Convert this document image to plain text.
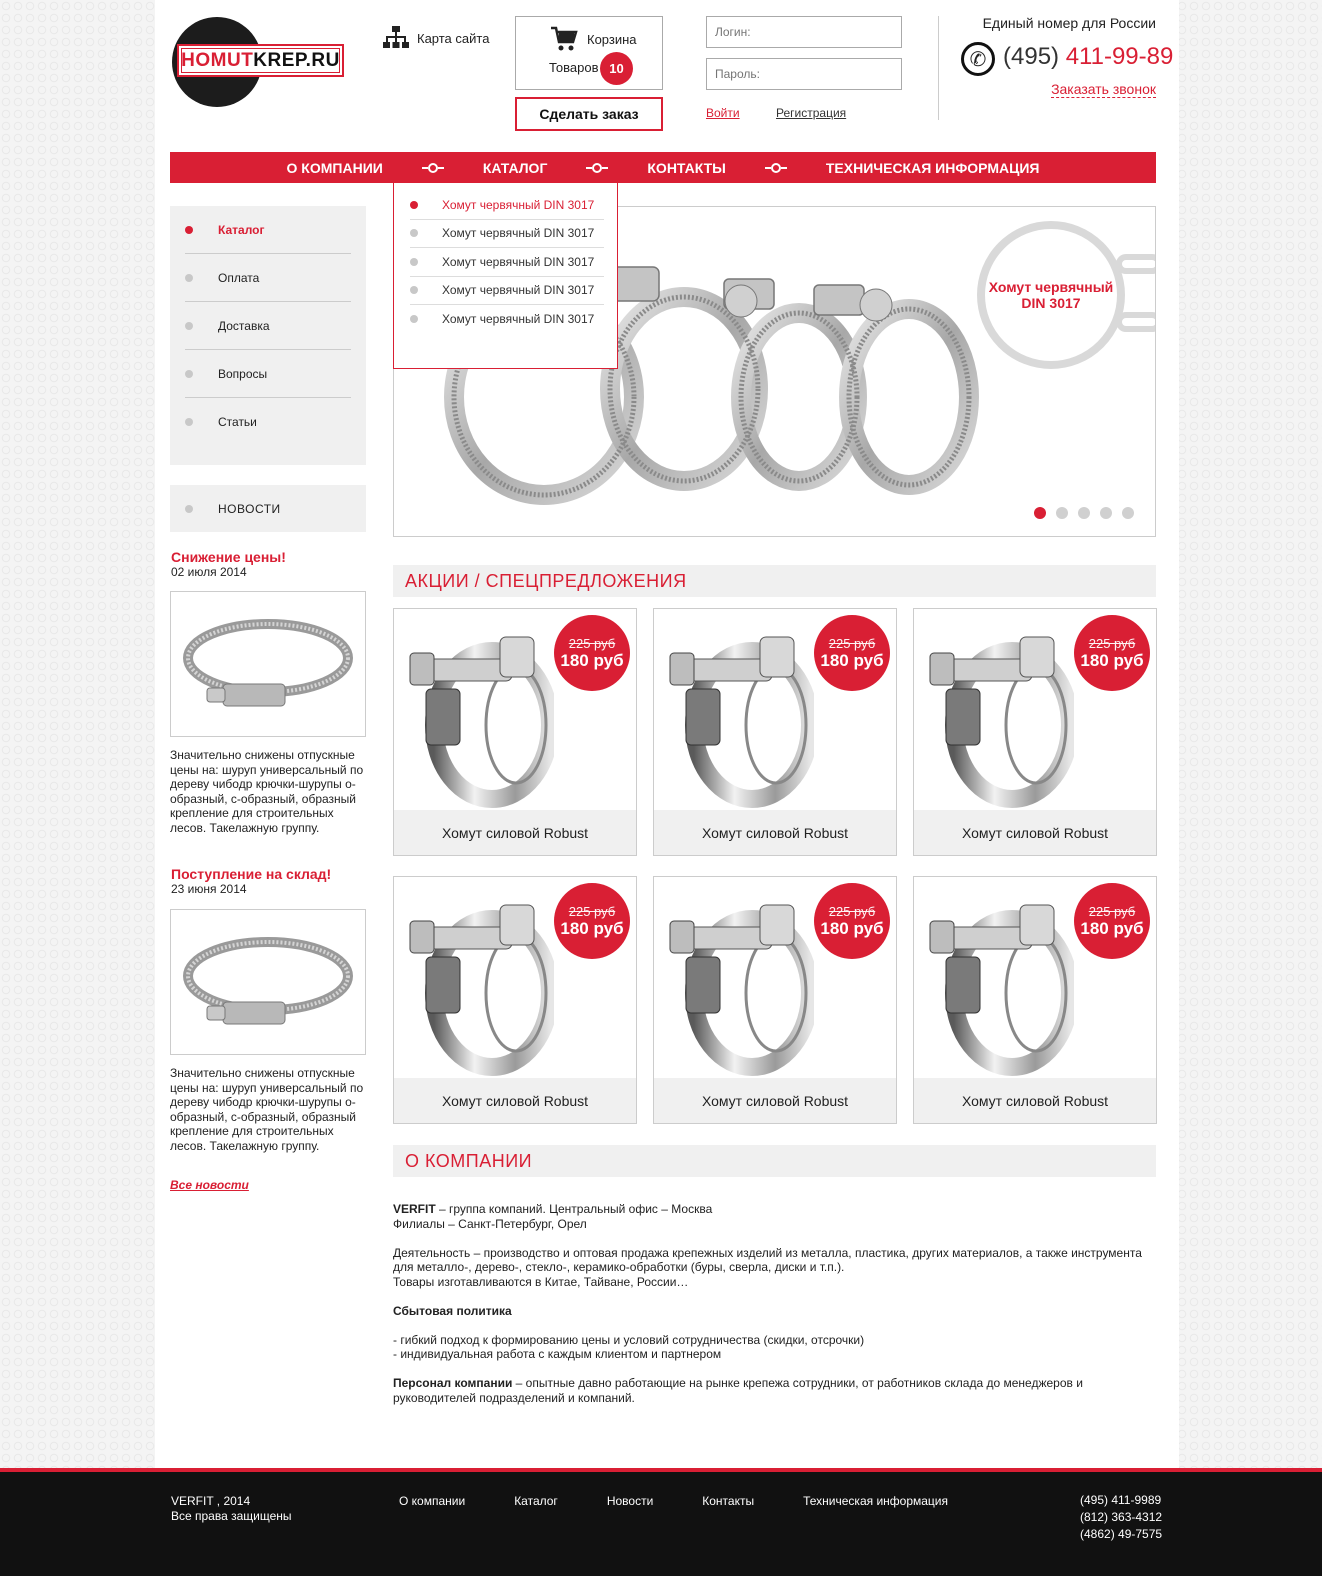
HOMUT KREP.RU
Карта сайта	Корзина
Товаров 10
Сделать заказ
Логин:	Войти	Регистрация
Единый номер для России
✆ (495) 411-99-89
Заказать звонок
О КОМПАНИИ	КАТАЛОГ	КОНТАКТЫ	ТЕХНИЧЕСКАЯ ИНФОРМАЦИЯ
Каталог
Оплата
Доставка
Вопросы
Статьи
НОВОСТИ
Снижение цены!
02 июля 2014
Значительно снижены отпускные цены на: шуруп универсальный по дереву чибодр крючки-шурупы о-образный, с-образный, образный крепление для строительных лесов. Такелажную группу.
Поступление на склад!
23 июня 2014
Значительно снижены отпускные цены на: шуруп универсальный по дереву чибодр крючки-шурупы о-образный, с-образный, образный крепление для строительных лесов. Такелажную группу.
Все новости
Хомут червячный
DIN 3017
Хомут червячный DIN 3017
Хомут червячный DIN 3017
Хомут червячный DIN 3017
Хомут червячный DIN 3017
Хомут червячный DIN 3017
АКЦИИ / СПЕЦПРЕДЛОЖЕНИЯ
225 руб
180 руб
Хомут силовой Robust
225 руб
180 руб
Хомут силовой Robust
225 руб
180 руб
Хомут силовой Robust
225 руб
180 руб
Хомут силовой Robust
225 руб
180 руб
Хомут силовой Robust
225 руб
180 руб
Хомут силовой Robust
О КОМПАНИИ

VERFIT – группа компаний. Центральный офис – Москва
Филиалы – Санкт-Петербург, Орел

Деятельность – производство и оптовая продажа крепежных изделий из металла, пластика, других материалов, а также инструмента для металло-, дерево-, стекло-, керамико-обработки (буры, сверла, диски и т.п.).
Товары изготавливаются в Китае, Тайване, России…

Сбытовая политика

- гибкий подход к формированию цены и условий сотрудничества (скидки, отсрочки)
- индивидуальная работа с каждым клиентом и партнером

Персонал компании – опытные давно работающие на рынке крепежа сотрудники, от работников склада до менеджеров и руководителей подразделений и компаний.

VERFIT , 2014
Все права защищены
О компании	Каталог	Новости	Контакты	Техническая информация	(495) 411-9989
(812) 363-4312
(4862) 49-7575
